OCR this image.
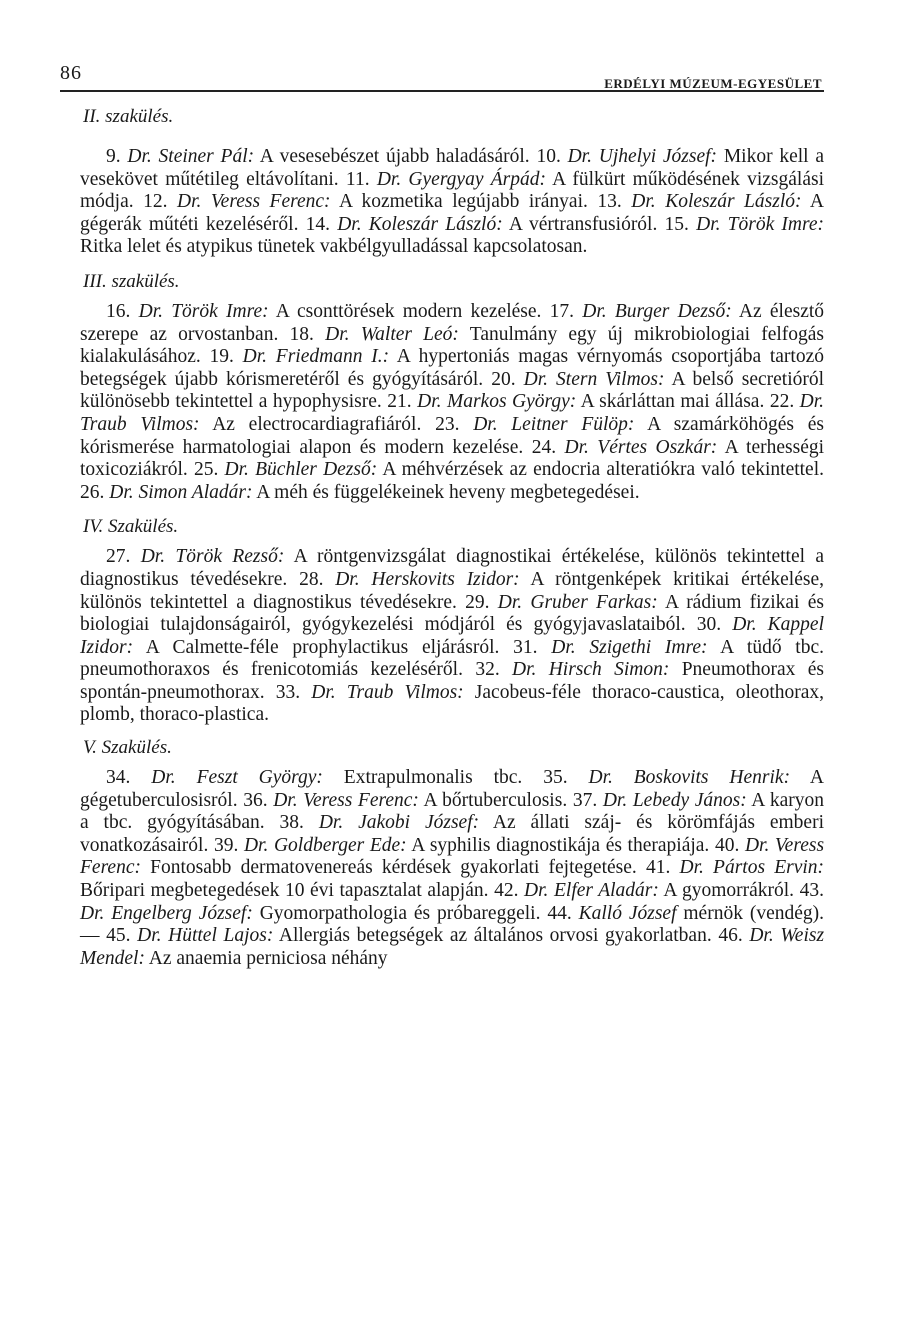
86	ERDÉLYI MÚZEUM-EGYESÜLET
II. szakülés.

9. Dr. Steiner Pál: A vesesebészet újabb haladásáról. 10. Dr. Ujhelyi József: Mikor kell a vesekövet műtétileg eltávolítani. 11. Dr. Gyergyay Árpád: A fülkürt működésének vizsgálási módja. 12. Dr. Veress Ferenc: A kozmetika legújabb irányai. 13. Dr. Koleszár László: A gégerák műtéti kezeléséről. 14. Dr. Koleszár László: A vértransfusióról. 15. Dr. Török Imre: Ritka lelet és atypikus tünetek vakbélgyulladással kapcsolatosan.

III. szakülés.

16. Dr. Török Imre: A csonttörések modern kezelése. 17. Dr. Burger Dezső: Az élesztő szerepe az orvostanban. 18. Dr. Walter Leó: Tanulmány egy új mikrobiologiai felfogás kialakulásához. 19. Dr. Friedmann I.: A hypertoniás magas vérnyomás csoportjába tartozó betegségek újabb kórismeretéről és gyógyításáról. 20. Dr. Stern Vilmos: A belső secretióról különösebb tekintettel a hypophysisre. 21. Dr. Markos György: A skárláttan mai állása. 22. Dr. Traub Vilmos: Az electrocardiagrafiáról. 23. Dr. Leitner Fülöp: A szamárköhögés és kórismerése harmatologiai alapon és modern kezelése. 24. Dr. Vértes Oszkár: A terhességi toxicoziákról. 25. Dr. Büchler Dezső: A méhvérzések az endocria alteratiókra való tekintettel. 26. Dr. Simon Aladár: A méh és függelékeinek heveny megbetegedései.

IV. Szakülés.

27. Dr. Török Rezső: A röntgenvizsgálat diagnostikai értékelése, különös tekintettel a diagnostikus tévedésekre. 28. Dr. Herskovits Izidor: A röntgenképek kritikai értékelése, különös tekintettel a diagnostikus tévedésekre. 29. Dr. Gruber Farkas: A rádium fizikai és biologiai tulajdonságairól, gyógykezelési módjáról és gyógyjavaslataiból. 30. Dr. Kappel Izidor: A Calmette-féle prophylactikus eljárásról. 31. Dr. Szigethi Imre: A tüdő tbc. pneumothoraxos és frenicotomiás kezeléséről. 32. Dr. Hirsch Simon: Pneumothorax és spontán-pneumothorax. 33. Dr. Traub Vilmos: Jacobeus-féle thoraco-caustica, oleothorax, plomb, thoraco-plastica.

V. Szakülés.

34. Dr. Feszt György: Extrapulmonalis tbc. 35. Dr. Boskovits Henrik: A gégetuberculosisról. 36. Dr. Veress Ferenc: A bőrtuberculosis. 37. Dr. Lebedy János: A karyon a tbc. gyógyításában. 38. Dr. Jakobi József: Az állati száj- és körömfájás emberi vonatkozásairól. 39. Dr. Goldberger Ede: A syphilis diagnostikája és therapiája. 40. Dr. Veress Ferenc: Fontosabb dermatovenereás kérdések gyakorlati fejtegetése. 41. Dr. Pártos Ervin: Bőripari megbetegedések 10 évi tapasztalat alapján. 42. Dr. Elfer Aladár: A gyomorrákról. 43. Dr. Engelberg József: Gyomorpathologia és próbareggeli. 44. Kalló József mérnök (vendég). — 45. Dr. Hüttel Lajos: Allergiás betegségek az általános orvosi gyakorlatban. 46. Dr. Weisz Mendel: Az anaemia perniciosa néhány
